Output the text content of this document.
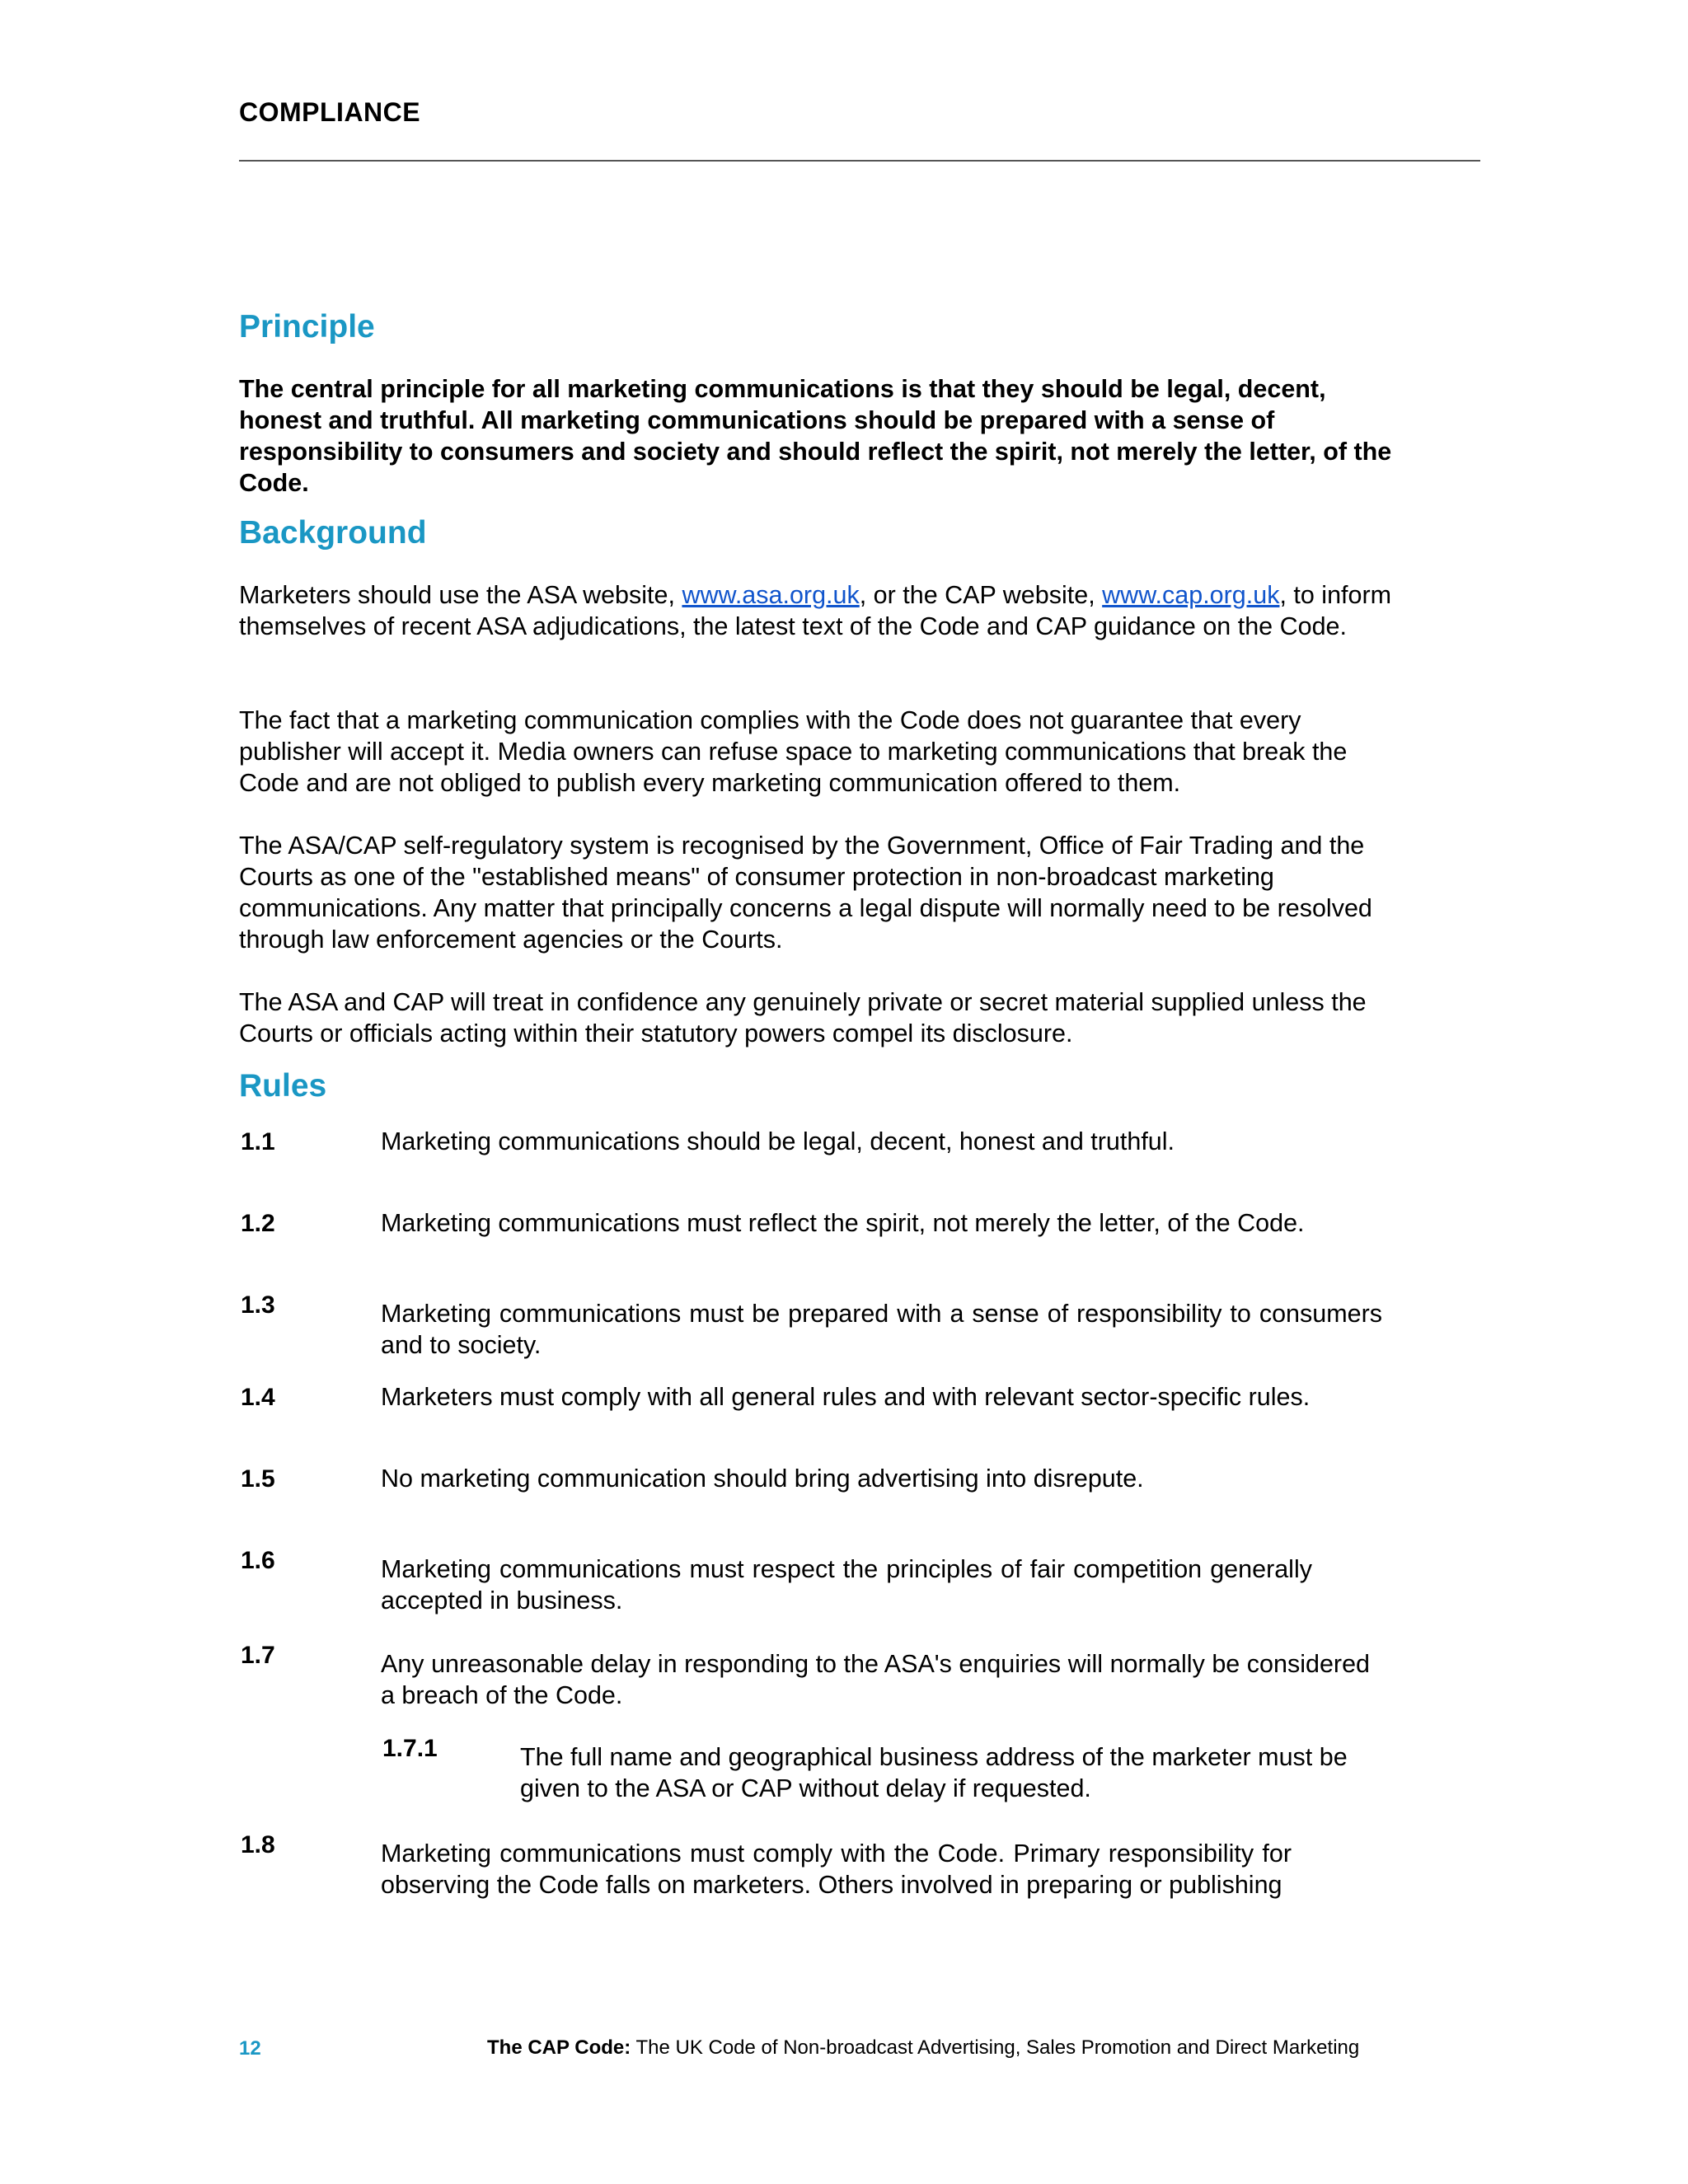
COMPLIANCE
Principle
The central principle for all marketing communications is that they should be legal, decent, honest and truthful. All marketing communications should be prepared with a sense of responsibility to consumers and society and should reflect the spirit, not merely the letter, of the Code.
Background
Marketers should use the ASA website, www.asa.org.uk, or the CAP website, www.cap.org.uk, to inform themselves of recent ASA adjudications, the latest text of the Code and CAP guidance on the Code.
The fact that a marketing communication complies with the Code does not guarantee that every publisher will accept it. Media owners can refuse space to marketing communications that break the Code and are not obliged to publish every marketing communication offered to them.
The ASA/CAP self-regulatory system is recognised by the Government, Office of Fair Trading and the Courts as one of the "established means" of consumer protection in non-broadcast marketing communications. Any matter that principally concerns a legal dispute will normally need to be resolved through law enforcement agencies or the Courts.
The ASA and CAP will treat in confidence any genuinely private or secret material supplied unless the Courts or officials acting within their statutory powers compel its disclosure.
Rules
1.1	Marketing communications should be legal, decent, honest and truthful.
1.2	Marketing communications must reflect the spirit, not merely the letter, of the Code.
1.3	Marketing communications must be prepared with a sense of responsibility to consumers and to society.
1.4	Marketers must comply with all general rules and with relevant sector-specific rules.
1.5	No marketing communication should bring advertising into disrepute.
1.6	Marketing communications must respect the principles of fair competition generally accepted in business.
1.7	Any unreasonable delay in responding to the ASA's enquiries will normally be considered a breach of the Code.
1.7.1	The full name and geographical business address of the marketer must be given to the ASA or CAP without delay if requested.
1.8	Marketing communications must comply with the Code. Primary responsibility for observing the Code falls on marketers. Others involved in preparing or publishing
12	The CAP Code: The UK Code of Non-broadcast Advertising, Sales Promotion and Direct Marketing
